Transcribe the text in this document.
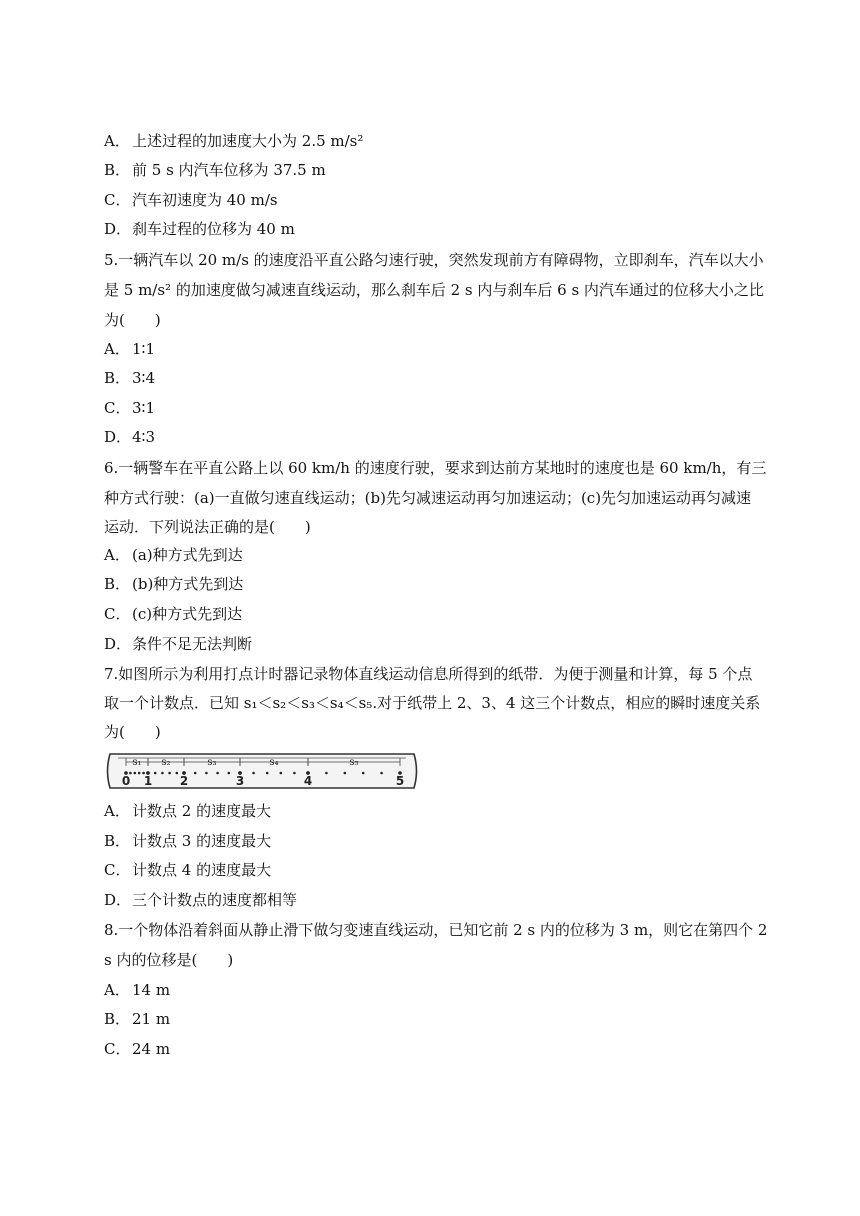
A． 上述过程的加速度大小为 2.5 m/s²
B． 前 5 s 内汽车位移为 37.5 m
C． 汽车初速度为 40 m/s
D．刹车过程的位移为 40 m
5.一辆汽车以 20 m/s 的速度沿平直公路匀速行驶，突然发现前方有障碍物，立即刹车，汽车以大小
是 5 m/s² 的加速度做匀减速直线运动，那么刹车后 2 s 内与刹车后 6 s 内汽车通过的位移大小之比
为(　　)
A． 1∶1
B． 3∶4
C． 3∶1
D．4∶3
6.一辆警车在平直公路上以 60 km/h 的速度行驶，要求到达前方某地时的速度也是 60 km/h，有三
种方式行驶：(a)一直做匀速直线运动；(b)先匀减速运动再匀加速运动；(c)先匀加速运动再匀减速
运动．下列说法正确的是(　　)
A． (a)种方式先到达
B． (b)种方式先到达
C． (c)种方式先到达
D．条件不足无法判断
7.如图所示为利用打点计时器记录物体直线运动信息所得到的纸带．为便于测量和计算，每 5 个点
取一个计数点．已知 s₁＜s₂＜s₃＜s₄＜s₅.对于纸带上 2、3、4 这三个计数点，相应的瞬时速度关系
为(　　)
s₁ s₂	s₃	s₄	s₅
0 1 2	3	4	5
A． 计数点 2 的速度最大
B． 计数点 3 的速度最大
C． 计数点 4 的速度最大
D．三个计数点的速度都相等
8.一个物体沿着斜面从静止滑下做匀变速直线运动，已知它前 2 s 内的位移为 3 m，则它在第四个 2
s 内的位移是(　　)
A． 14 m
B． 21 m
C． 24 m
